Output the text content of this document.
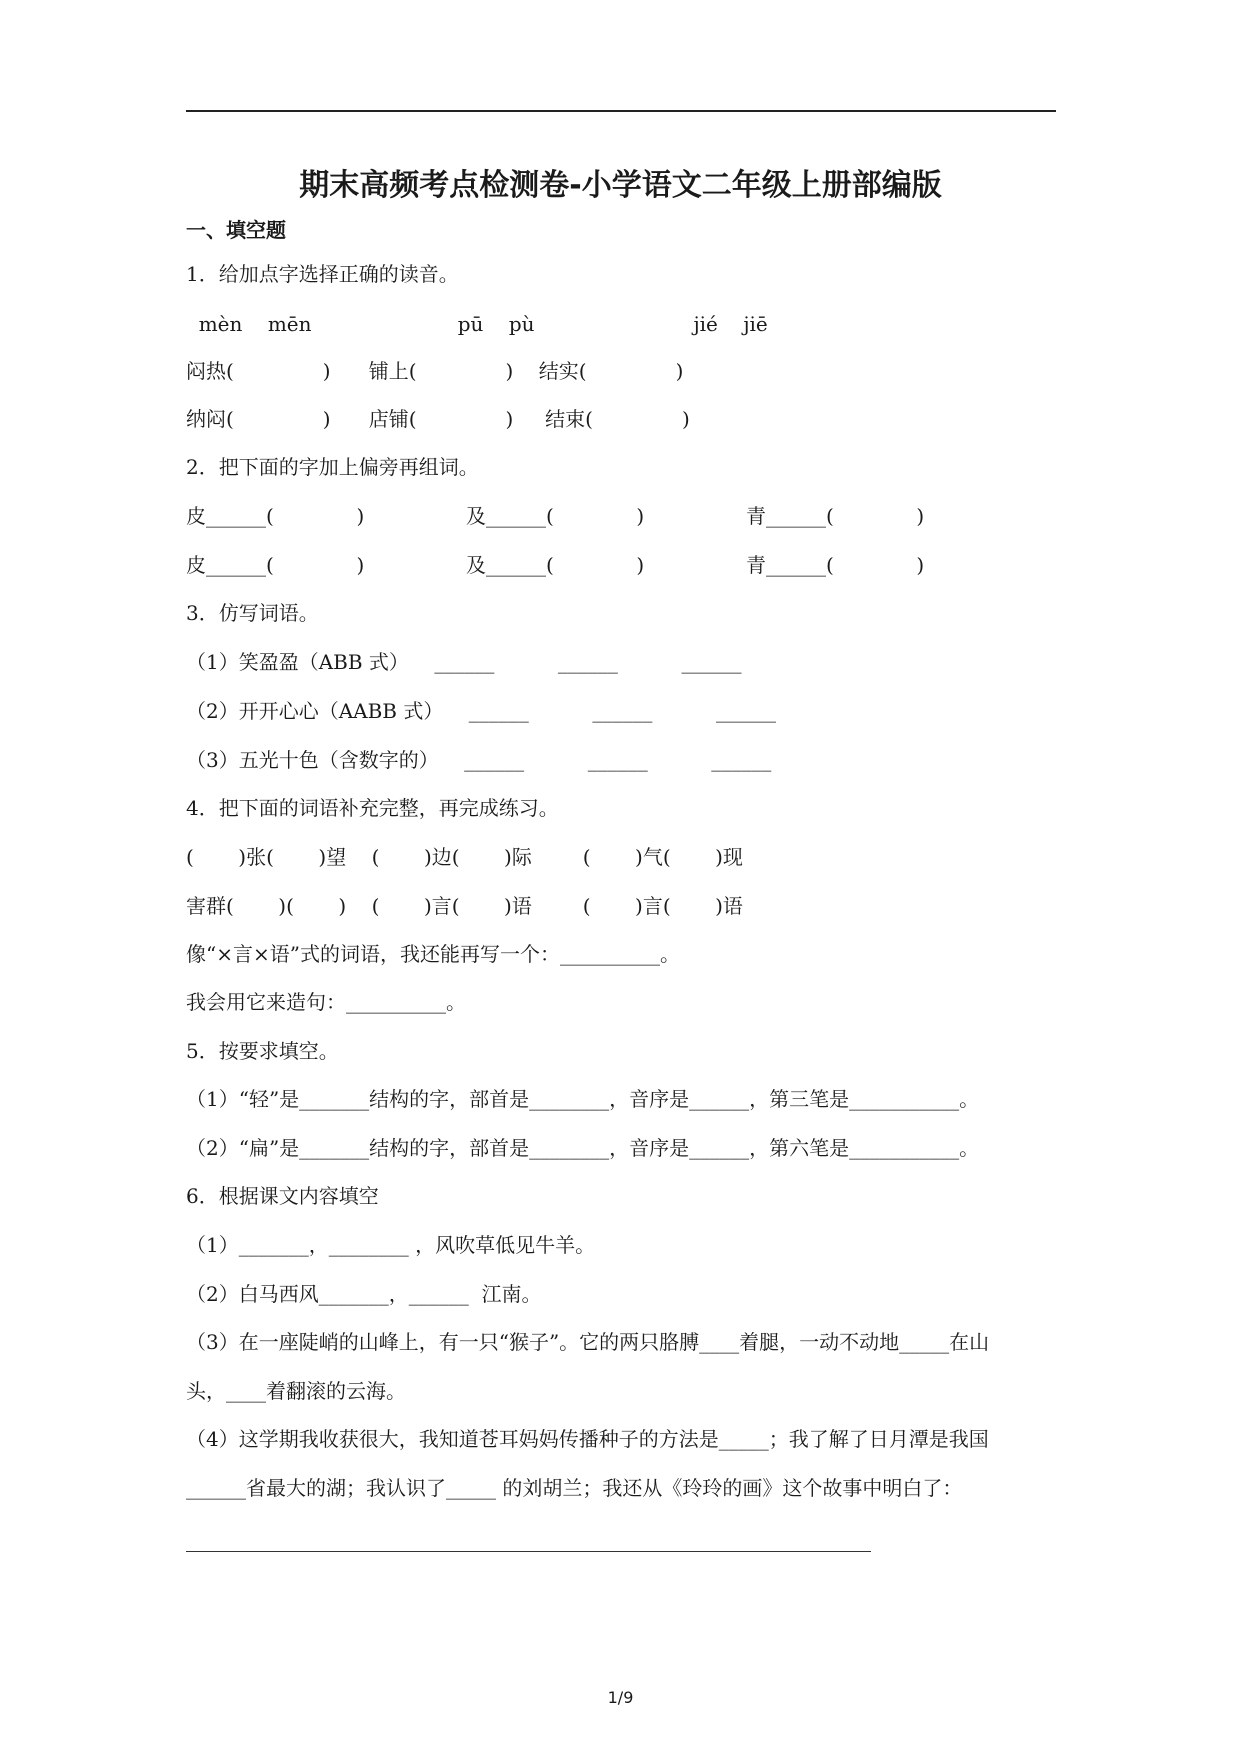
期末高频考点检测卷-小学语文二年级上册部编版
一、填空题
1．给加点字选择正确的读音。
mèn    mēn                       pū    pù                         jié    jiē
闷热(              )      铺上(              )    结实(              )
纳闷(              )      店铺(              )     结束(              )
2．把下面的字加上偏旁再组词。
皮______(             )                及______(             )                青______(             )
皮______(             )                及______(             )                青______(             )
3．仿写词语。
（1）笑盈盈（ABB 式）    ______          ______          ______
（2）开开心心（AABB 式）    ______          ______          ______
（3）五光十色（含数字的）    ______          ______          ______
4．把下面的词语补充完整，再完成练习。
(       )张(       )望    (       )边(       )际        (       )气(       )现
害群(       )(       )    (       )言(       )语        (       )言(       )语
像“×言×语”式的词语，我还能再写一个：__________。
我会用它来造句：__________。
5．按要求填空。
（1）“轻”是_______结构的字，部首是________，音序是______，第三笔是___________。
（2）“扁”是_______结构的字，部首是________，音序是______，第六笔是___________。
6．根据课文内容填空
（1）_______，________ ，风吹草低见牛羊。
（2）白马西风_______，______  江南。
（3）在一座陡峭的山峰上，有一只“猴子”。它的两只胳膊____着腿，一动不动地_____在山
头，____着翻滚的云海。
（4）这学期我收获很大，我知道苍耳妈妈传播种子的方法是_____；我了解了日月潭是我国
______省最大的湖；我认识了_____ 的刘胡兰；我还从《玲玲的画》这个故事中明白了：
1/9
